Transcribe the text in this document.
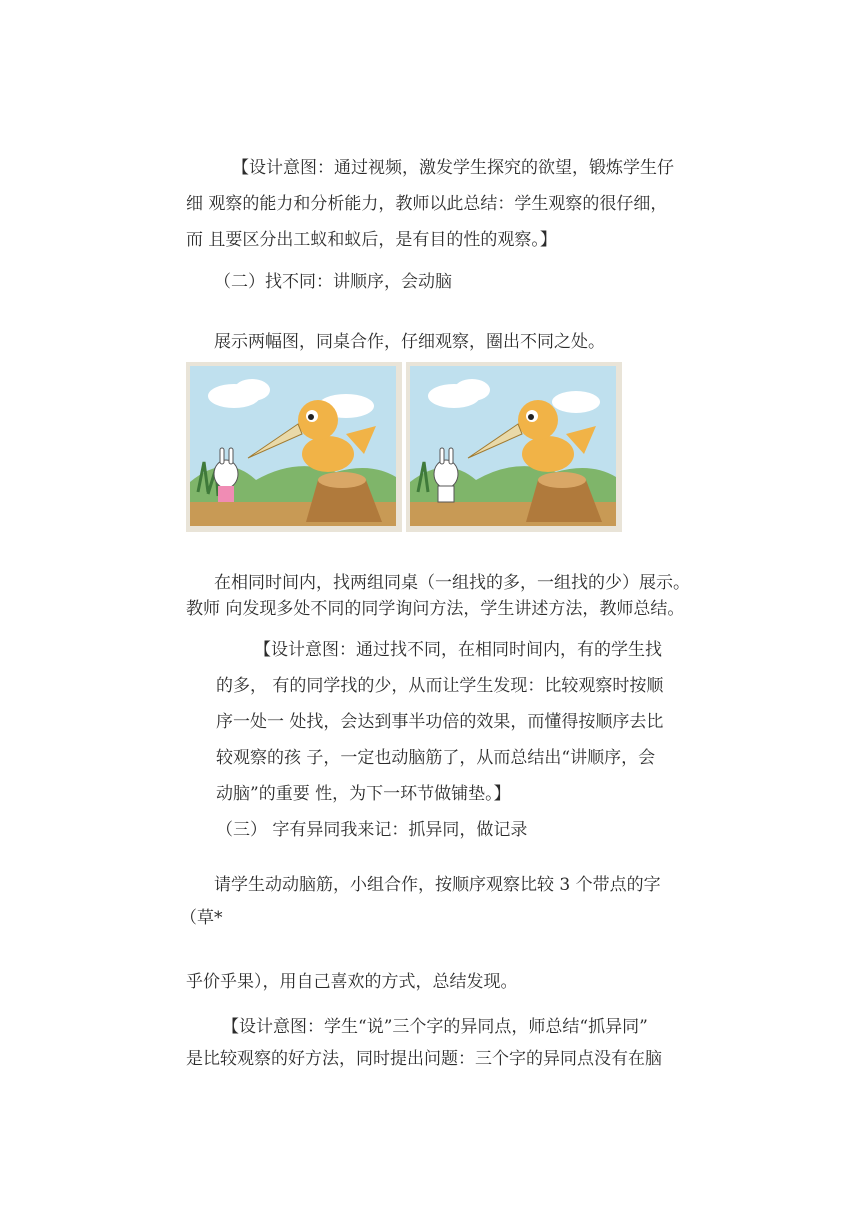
【设计意图：通过视频，激发学生探究的欲望，锻炼学生仔
细 观察的能力和分析能力，教师以此总结：学生观察的很仔细，
而 且要区分出工蚁和蚁后，是有目的性的观察。】
（二）找不同：讲顺序，会动脑
展示两幅图，同桌合作，仔细观察，圈出不同之处。
在相同时间内，找两组同桌（一组找的多，一组找的少）展示。
教师 向发现多处不同的同学询问方法，学生讲述方法，教师总结。
【设计意图：通过找不同，在相同时间内，有的学生找
的多， 有的同学找的少，从而让学生发现：比较观察时按顺
序一处一 处找，会达到事半功倍的效果，而懂得按顺序去比
较观察的孩 子，一定也动脑筋了，从而总结出“讲顺序，会
动脑”的重要 性，为下一环节做铺垫。】
（三） 字有异同我来记：抓异同，做记录
请学生动动脑筋，小组合作，按顺序观察比较 3 个带点的字
（草*
乎价乎果），用自己喜欢的方式，总结发现。
【设计意图：学生“说”三个字的异同点，师总结“抓异同”
是比较观察的好方法，同时提出问题：三个字的异同点没有在脑
